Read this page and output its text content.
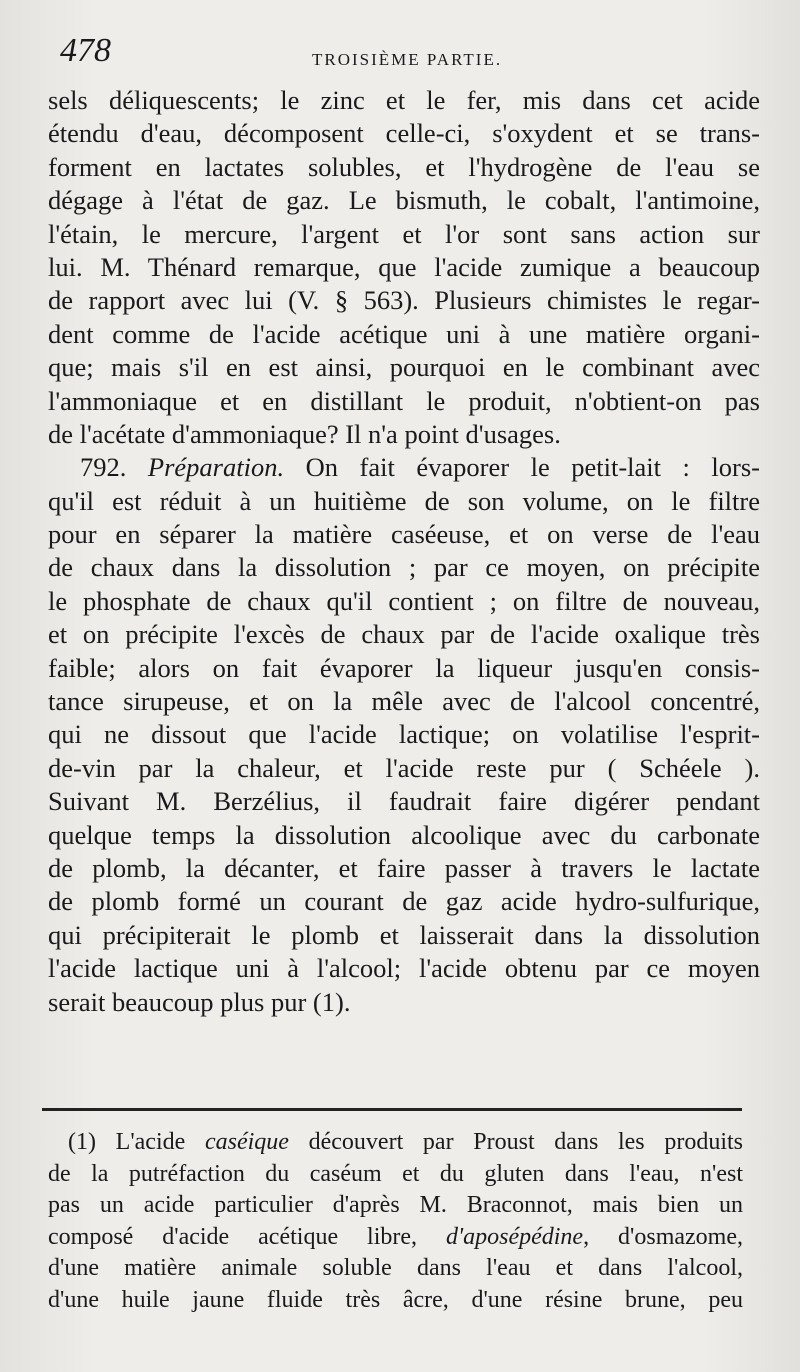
478	TROISIÈME PARTIE.
sels déliquescents; le zinc et le fer, mis dans cet acide
étendu d'eau, décomposent celle-ci, s'oxydent et se trans-
forment en lactates solubles, et l'hydrogène de l'eau se
dégage à l'état de gaz. Le bismuth, le cobalt, l'antimoine,
l'étain, le mercure, l'argent et l'or sont sans action sur
lui. M. Thénard remarque, que l'acide zumique a beaucoup
de rapport avec lui (V. § 563). Plusieurs chimistes le regar-
dent comme de l'acide acétique uni à une matière organi-
que; mais s'il en est ainsi, pourquoi en le combinant avec
l'ammoniaque et en distillant le produit, n'obtient-on pas
de l'acétate d'ammoniaque? Il n'a point d'usages.
792. Préparation. On fait évaporer le petit-lait : lors-
qu'il est réduit à un huitième de son volume, on le filtre
pour en séparer la matière caséeuse, et on verse de l'eau
de chaux dans la dissolution ; par ce moyen, on précipite
le phosphate de chaux qu'il contient ; on filtre de nouveau,
et on précipite l'excès de chaux par de l'acide oxalique très
faible; alors on fait évaporer la liqueur jusqu'en consis-
tance sirupeuse, et on la mêle avec de l'alcool concentré,
qui ne dissout que l'acide lactique; on volatilise l'esprit-
de-vin par la chaleur, et l'acide reste pur ( Schéele ).
Suivant M. Berzélius, il faudrait faire digérer pendant
quelque temps la dissolution alcoolique avec du carbonate
de plomb, la décanter, et faire passer à travers le lactate
de plomb formé un courant de gaz acide hydro-sulfurique,
qui précipiterait le plomb et laisserait dans la dissolution
l'acide lactique uni à l'alcool; l'acide obtenu par ce moyen
serait beaucoup plus pur (1).
(1) L'acide caséique découvert par Proust dans les produits
de la putréfaction du caséum et du gluten dans l'eau, n'est
pas un acide particulier d'après M. Braconnot, mais bien un
composé d'acide acétique libre, d'aposépédine, d'osmazome,
d'une matière animale soluble dans l'eau et dans l'alcool,
d'une huile jaune fluide très âcre, d'une résine brune, peu
